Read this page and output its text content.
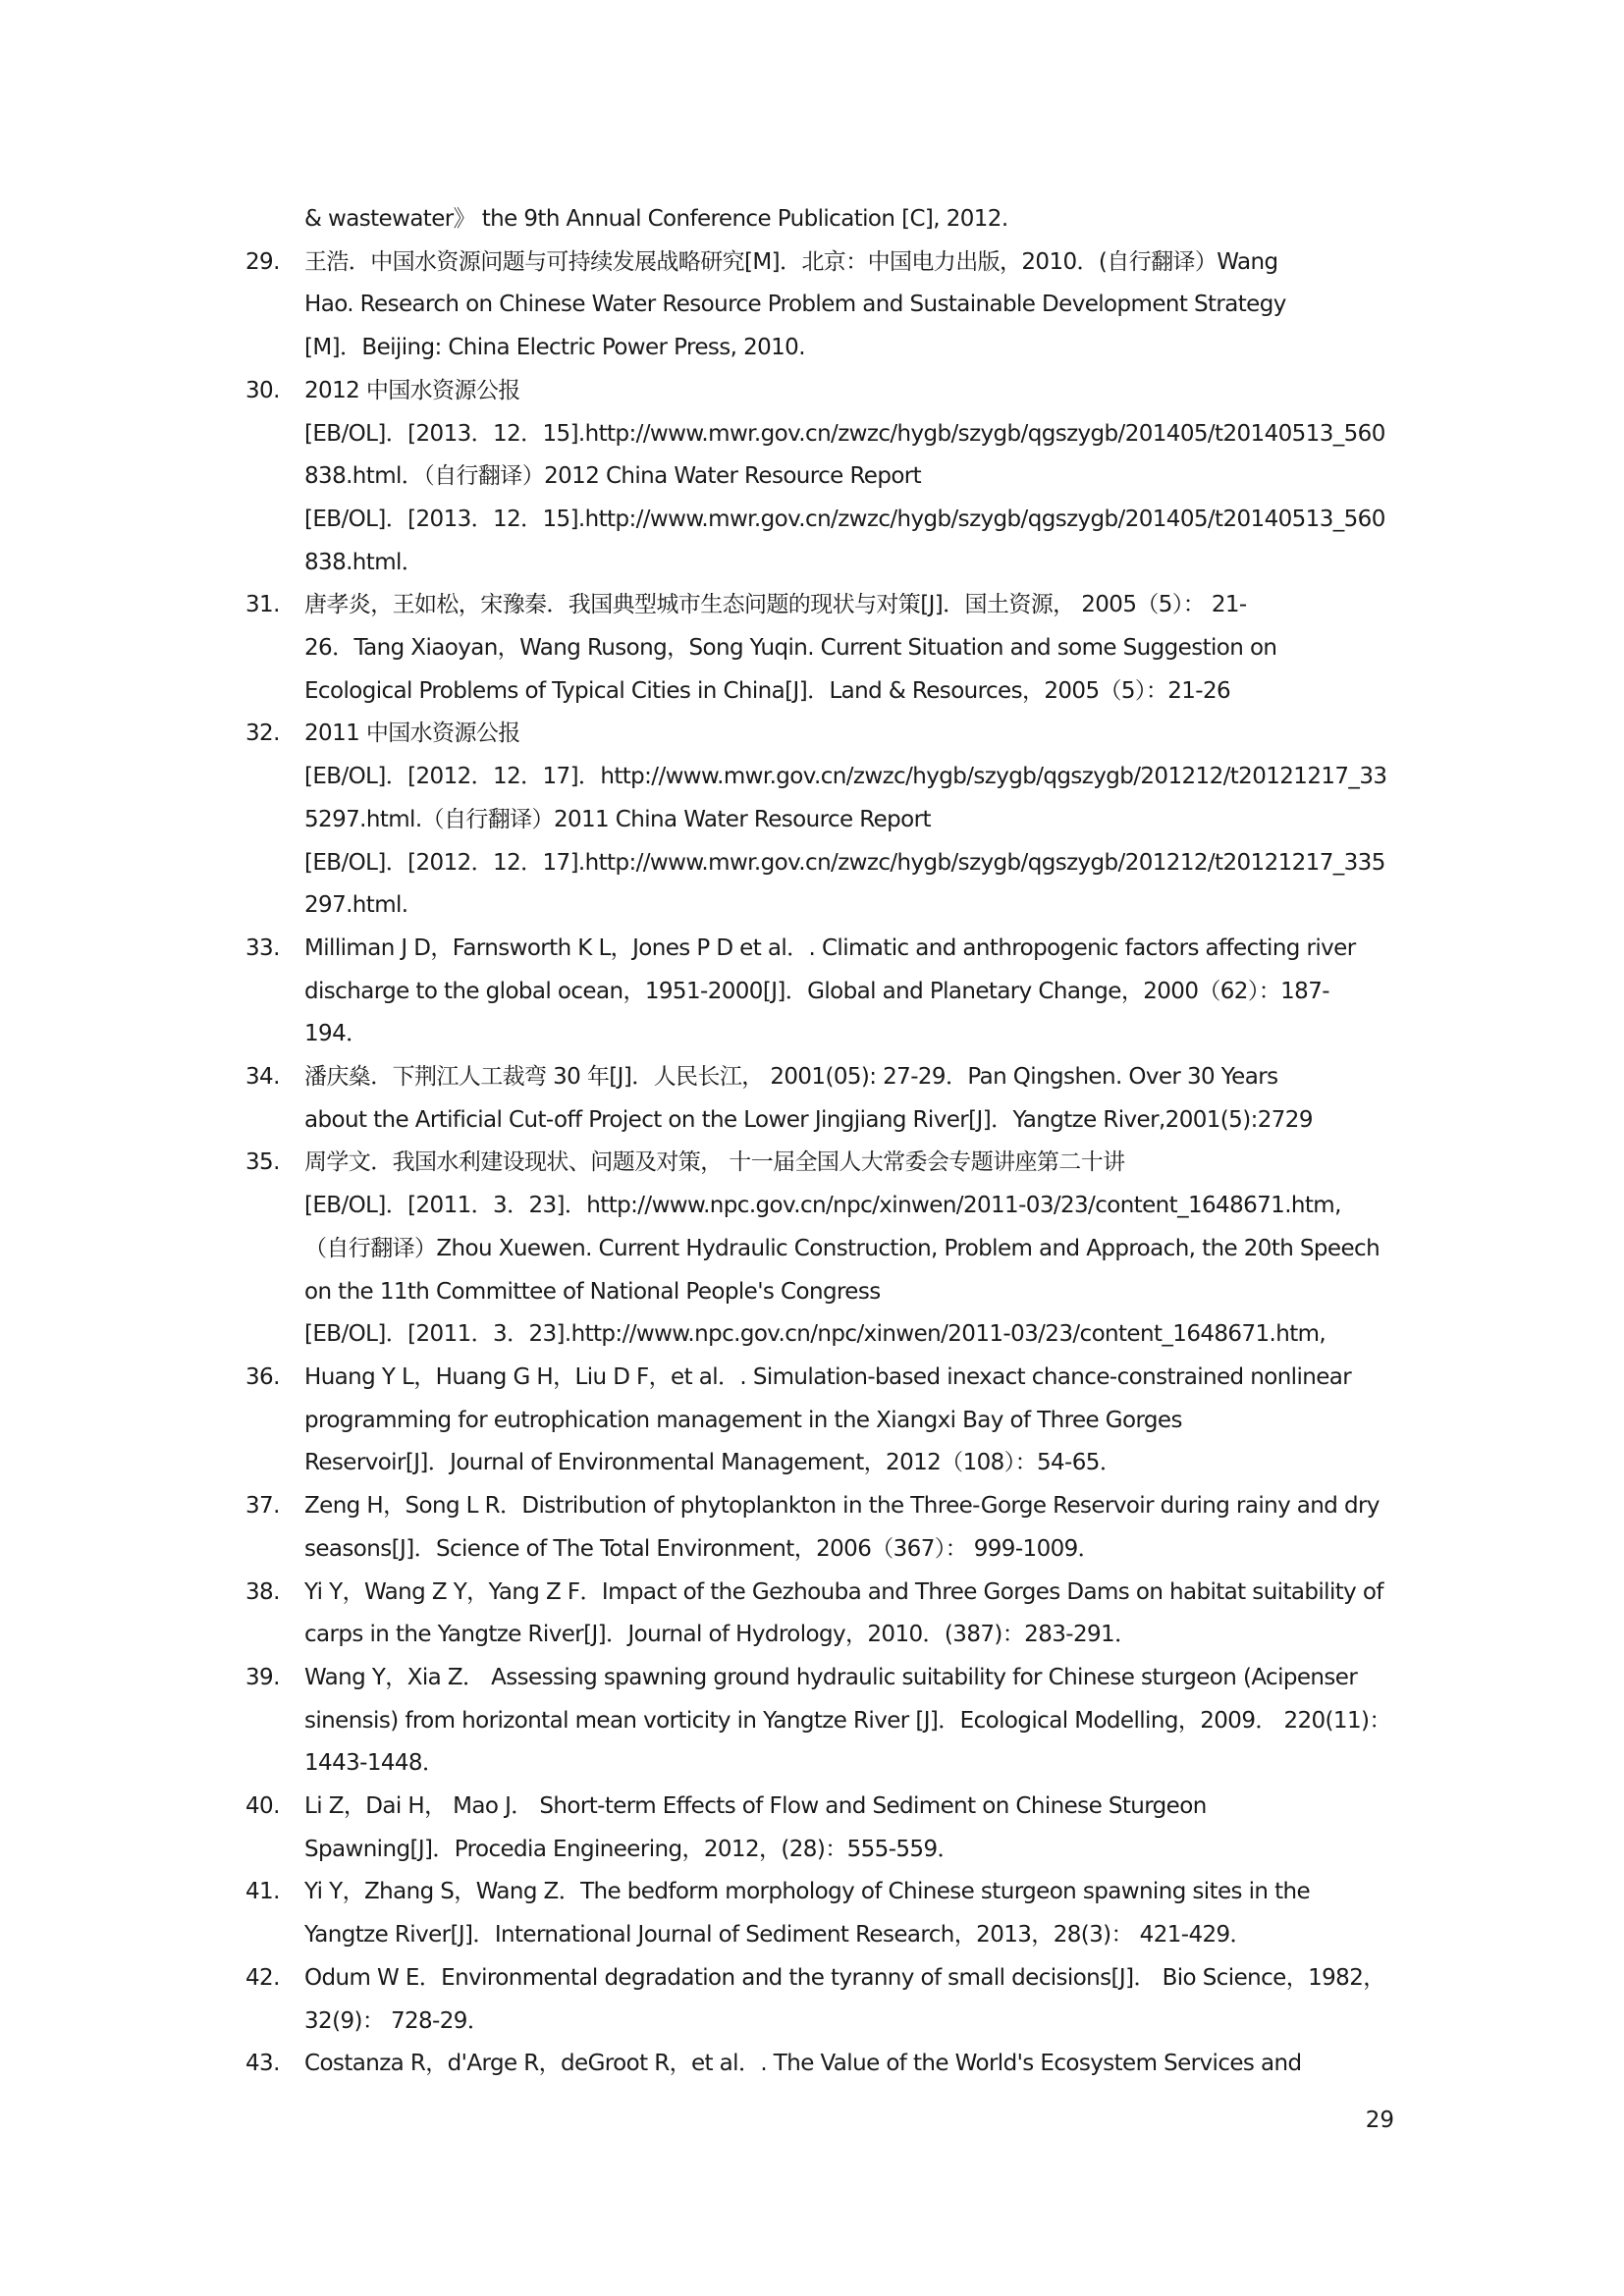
& wastewater》 the 9th Annual Conference Publication [C], 2012.
29.	王浩．中国水资源问题与可持续发展战略研究[M]．北京：中国电力出版，2010．(自行翻译）Wang
Hao. Research on Chinese Water Resource Problem and Sustainable Development Strategy
[M]．Beijing: China Electric Power Press, 2010.
30.	2012 中国水资源公报
[EB/OL]．[2013．12．15].http://www.mwr.gov.cn/zwzc/hygb/szygb/qgszygb/201405/t20140513_560
838.html．（自行翻译）2012 China Water Resource Report
[EB/OL]．[2013．12．15].http://www.mwr.gov.cn/zwzc/hygb/szygb/qgszygb/201405/t20140513_560
838.html．
31.	唐孝炎，王如松，宋豫秦．我国典型城市生态问题的现状与对策[J]．国土资源， 2005（5）： 21-
26．Tang Xiaoyan，Wang Rusong，Song Yuqin. Current Situation and some Suggestion on
Ecological Problems of Typical Cities in China[J]．Land & Resources，2005（5）：21-26
32.	2011 中国水资源公报
[EB/OL]．[2012．12．17]．http://www.mwr.gov.cn/zwzc/hygb/szygb/qgszygb/201212/t20121217_33
5297.html.（自行翻译）2011 China Water Resource Report
[EB/OL]．[2012．12．17].http://www.mwr.gov.cn/zwzc/hygb/szygb/qgszygb/201212/t20121217_335
297.html.
33.	Milliman J D，Farnsworth K L，Jones P D et al．. Climatic and anthropogenic factors affecting river
discharge to the global ocean，1951-2000[J]．Global and Planetary Change，2000（62）：187-
194．
34.	潘庆燊．下荆江人工裁弯 30 年[J]．人民长江， 2001(05): 27-29．Pan Qingshen. Over 30 Years
about the Artificial Cut-off Project on the Lower Jingjiang River[J]．Yangtze River,2001(5):2729
35.	周学文．我国水利建设现状、问题及对策， 十一届全国人大常委会专题讲座第二十讲
[EB/OL]．[2011．3．23]．http://www.npc.gov.cn/npc/xinwen/2011-03/23/content_1648671.htm,
（自行翻译）Zhou Xuewen. Current Hydraulic Construction, Problem and Approach, the 20th Speech
on the 11th Committee of National People's Congress
[EB/OL]．[2011．3．23].http://www.npc.gov.cn/npc/xinwen/2011-03/23/content_1648671.htm,
36.	Huang Y L，Huang G H，Liu D F，et al．. Simulation-based inexact chance-constrained nonlinear
programming for eutrophication management in the Xiangxi Bay of Three Gorges
Reservoir[J]．Journal of Environmental Management，2012（108）：54-65．
37.	Zeng H，Song L R．Distribution of phytoplankton in the Three-Gorge Reservoir during rainy and dry
seasons[J]．Science of The Total Environment，2006（367）： 999-1009．
38.	Yi Y，Wang Z Y，Yang Z F．Impact of the Gezhouba and Three Gorges Dams on habitat suitability of
carps in the Yangtze River[J]．Journal of Hydrology，2010．(387)：283-291．
39.	Wang Y，Xia Z． Assessing spawning ground hydraulic suitability for Chinese sturgeon (Acipenser
sinensis) from horizontal mean vorticity in Yangtze River [J]．Ecological Modelling，2009． 220(11)：
1443-1448．
40.	Li Z，Dai H， Mao J． Short-term Effects of Flow and Sediment on Chinese Sturgeon
Spawning[J]．Procedia Engineering，2012，(28)：555-559．
41.	Yi Y，Zhang S，Wang Z．The bedform morphology of Chinese sturgeon spawning sites in the
Yangtze River[J]．International Journal of Sediment Research，2013，28(3)： 421-429．
42.	Odum W E．Environmental degradation and the tyranny of small decisions[J]． Bio Science，1982，
32(9)： 728-29．
43.	Costanza R，d'Arge R，deGroot R，et al．. The Value of the World's Ecosystem Services and
29
